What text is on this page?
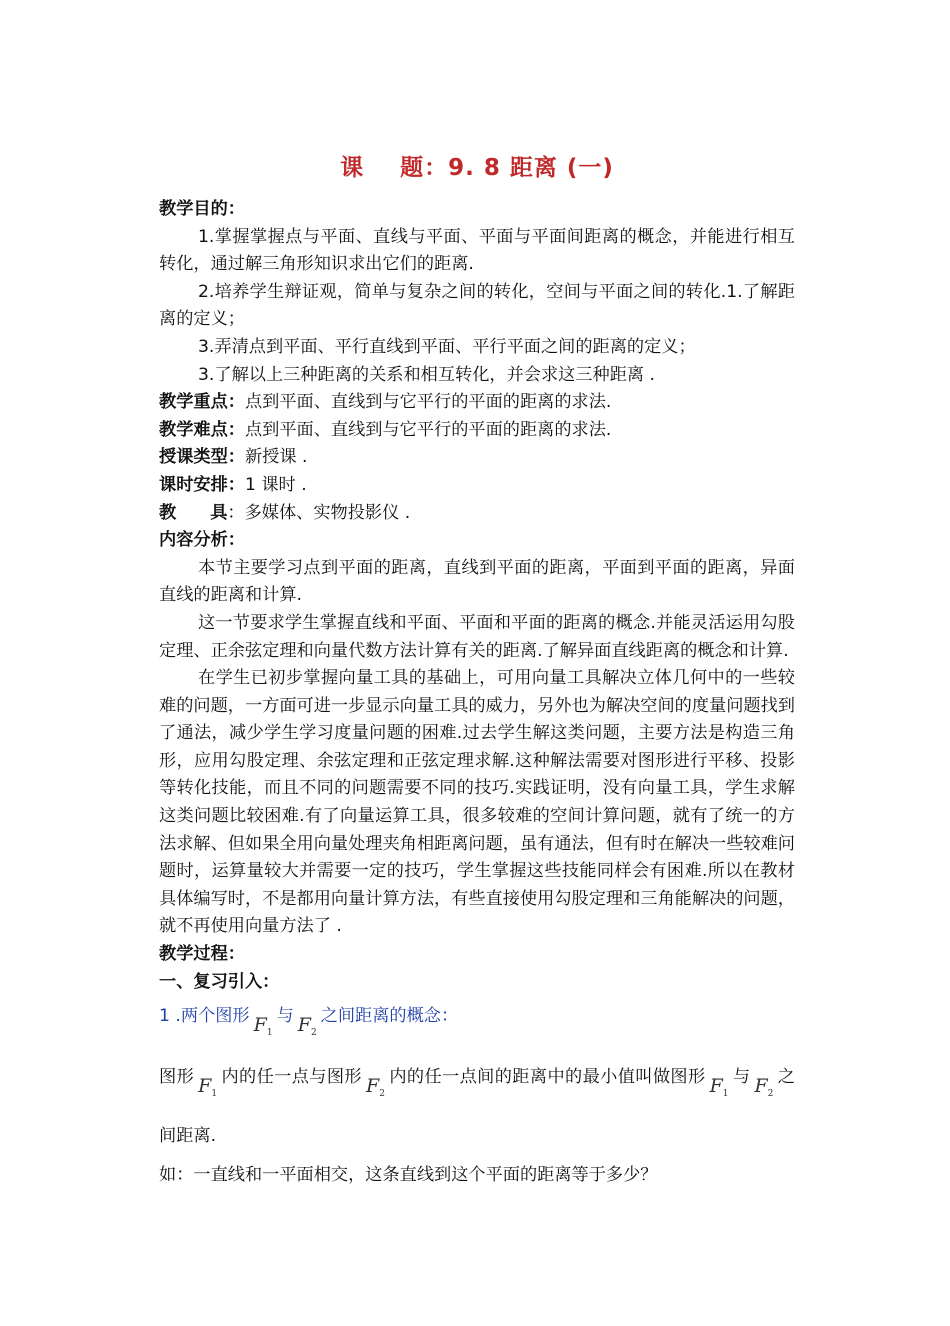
课 题：9. 8 距离 (一)

教学目的：

1.掌握掌握点与平面、直线与平面、平面与平面间距离的概念，并能进行相互转化，通过解三角形知识求出它们的距离.

2.培养学生辩证观，简单与复杂之间的转化，空间与平面之间的转化.1.了解距离的定义；

3.弄清点到平面、平行直线到平面、平行平面之间的距离的定义；

3.了解以上三种距离的关系和相互转化，并会求这三种距离 .

教学重点：点到平面、直线到与它平行的平面的距离的求法.

教学难点：点到平面、直线到与它平行的平面的距离的求法.

授课类型：新授课 .

课时安排：1 课时 .

教 具：多媒体、实物投影仪 .

内容分析：

本节主要学习点到平面的距离，直线到平面的距离，平面到平面的距离，异面直线的距离和计算.

这一节要求学生掌握直线和平面、平面和平面的距离的概念.并能灵活运用勾股定理、正余弦定理和向量代数方法计算有关的距离.了解异面直线距离的概念和计算.

在学生已初步掌握向量工具的基础上，可用向量工具解决立体几何中的一些较难的问题，一方面可进一步显示向量工具的威力，另外也为解决空间的度量问题找到了通法，减少学生学习度量问题的困难.过去学生解这类问题，主要方法是构造三角形，应用勾股定理、余弦定理和正弦定理求解.这种解法需要对图形进行平移、投影等转化技能，而且不同的问题需要不同的技巧.实践证明，没有向量工具，学生求解这类问题比较困难.有了向量运算工具，很多较难的空间计算问题，就有了统一的方法求解、但如果全用向量处理夹角相距离问题，虽有通法，但有时在解决一些较难问题时，运算量较大并需要一定的技巧，学生掌握这些技能同样会有困难.所以在教材具体编写时，不是都用向量计算方法，有些直接使用勾股定理和三角能解决的问题，就不再使用向量方法了 .

教学过程：

一、复习引入：

1 .两个图形 $F_1$与 $F_2$之间距离的概念：

图形 $F_1$内的任一点与图形 $F_2$内的任一点间的距离中的最小值叫做图形 $F_1$与 $F_2$之间距离.

如：一直线和一平面相交，这条直线到这个平面的距离等于多少？
